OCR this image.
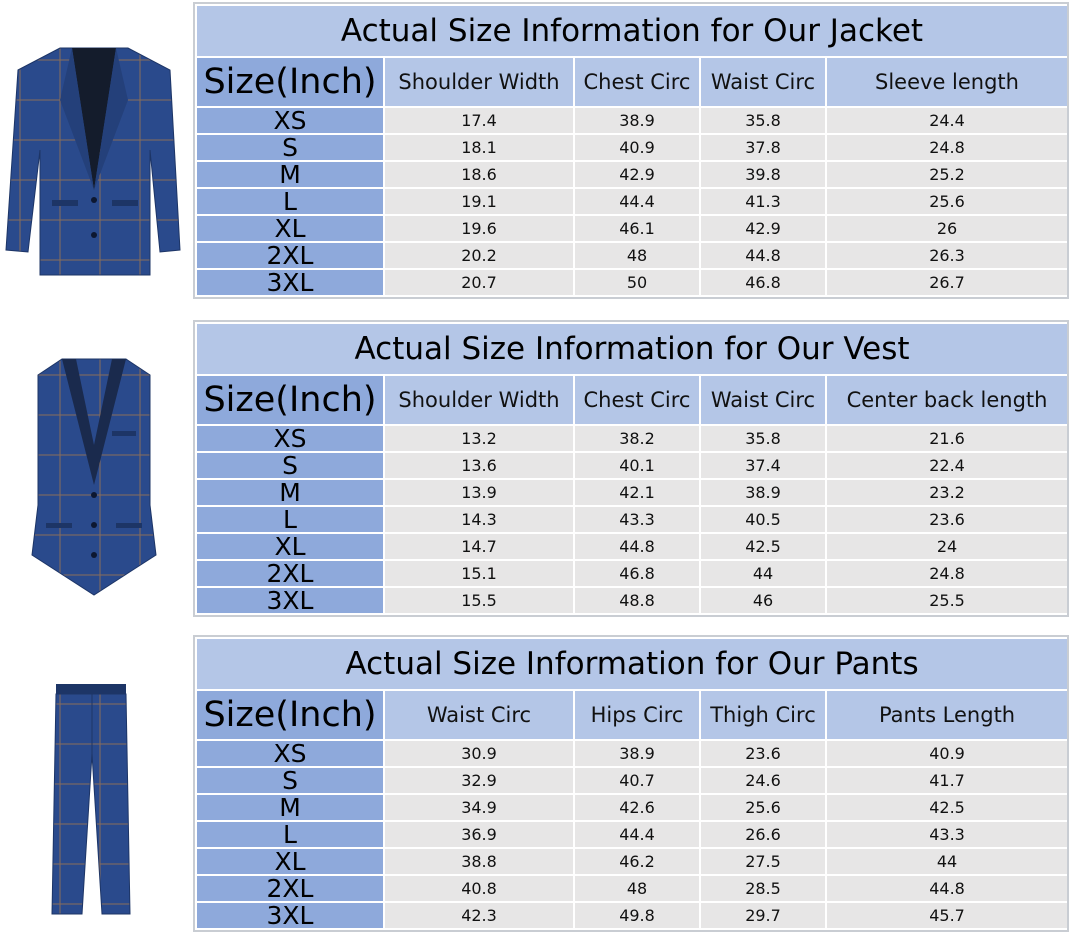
Actual Size Information for Our Jacket				
Size(Inch)	Shoulder Width	Chest Circ	Waist Circ	Sleeve length
XS	17.4	38.9	35.8	24.4
S	18.1	40.9	37.8	24.8
M	18.6	42.9	39.8	25.2
L	19.1	44.4	41.3	25.6
XL	19.6	46.1	42.9	26
2XL	20.2	48	44.8	26.3
3XL	20.7	50	46.8	26.7
Actual Size Information for Our Vest				
Size(Inch)	Shoulder Width	Chest Circ	Waist Circ	Center back length
XS	13.2	38.2	35.8	21.6
S	13.6	40.1	37.4	22.4
M	13.9	42.1	38.9	23.2
L	14.3	43.3	40.5	23.6
XL	14.7	44.8	42.5	24
2XL	15.1	46.8	44	24.8
3XL	15.5	48.8	46	25.5
Actual Size Information for Our Pants				
Size(Inch)	Waist Circ	Hips Circ	Thigh Circ	Pants Length
XS	30.9	38.9	23.6	40.9
S	32.9	40.7	24.6	41.7
M	34.9	42.6	25.6	42.5
L	36.9	44.4	26.6	43.3
XL	38.8	46.2	27.5	44
2XL	40.8	48	28.5	44.8
3XL	42.3	49.8	29.7	45.7
